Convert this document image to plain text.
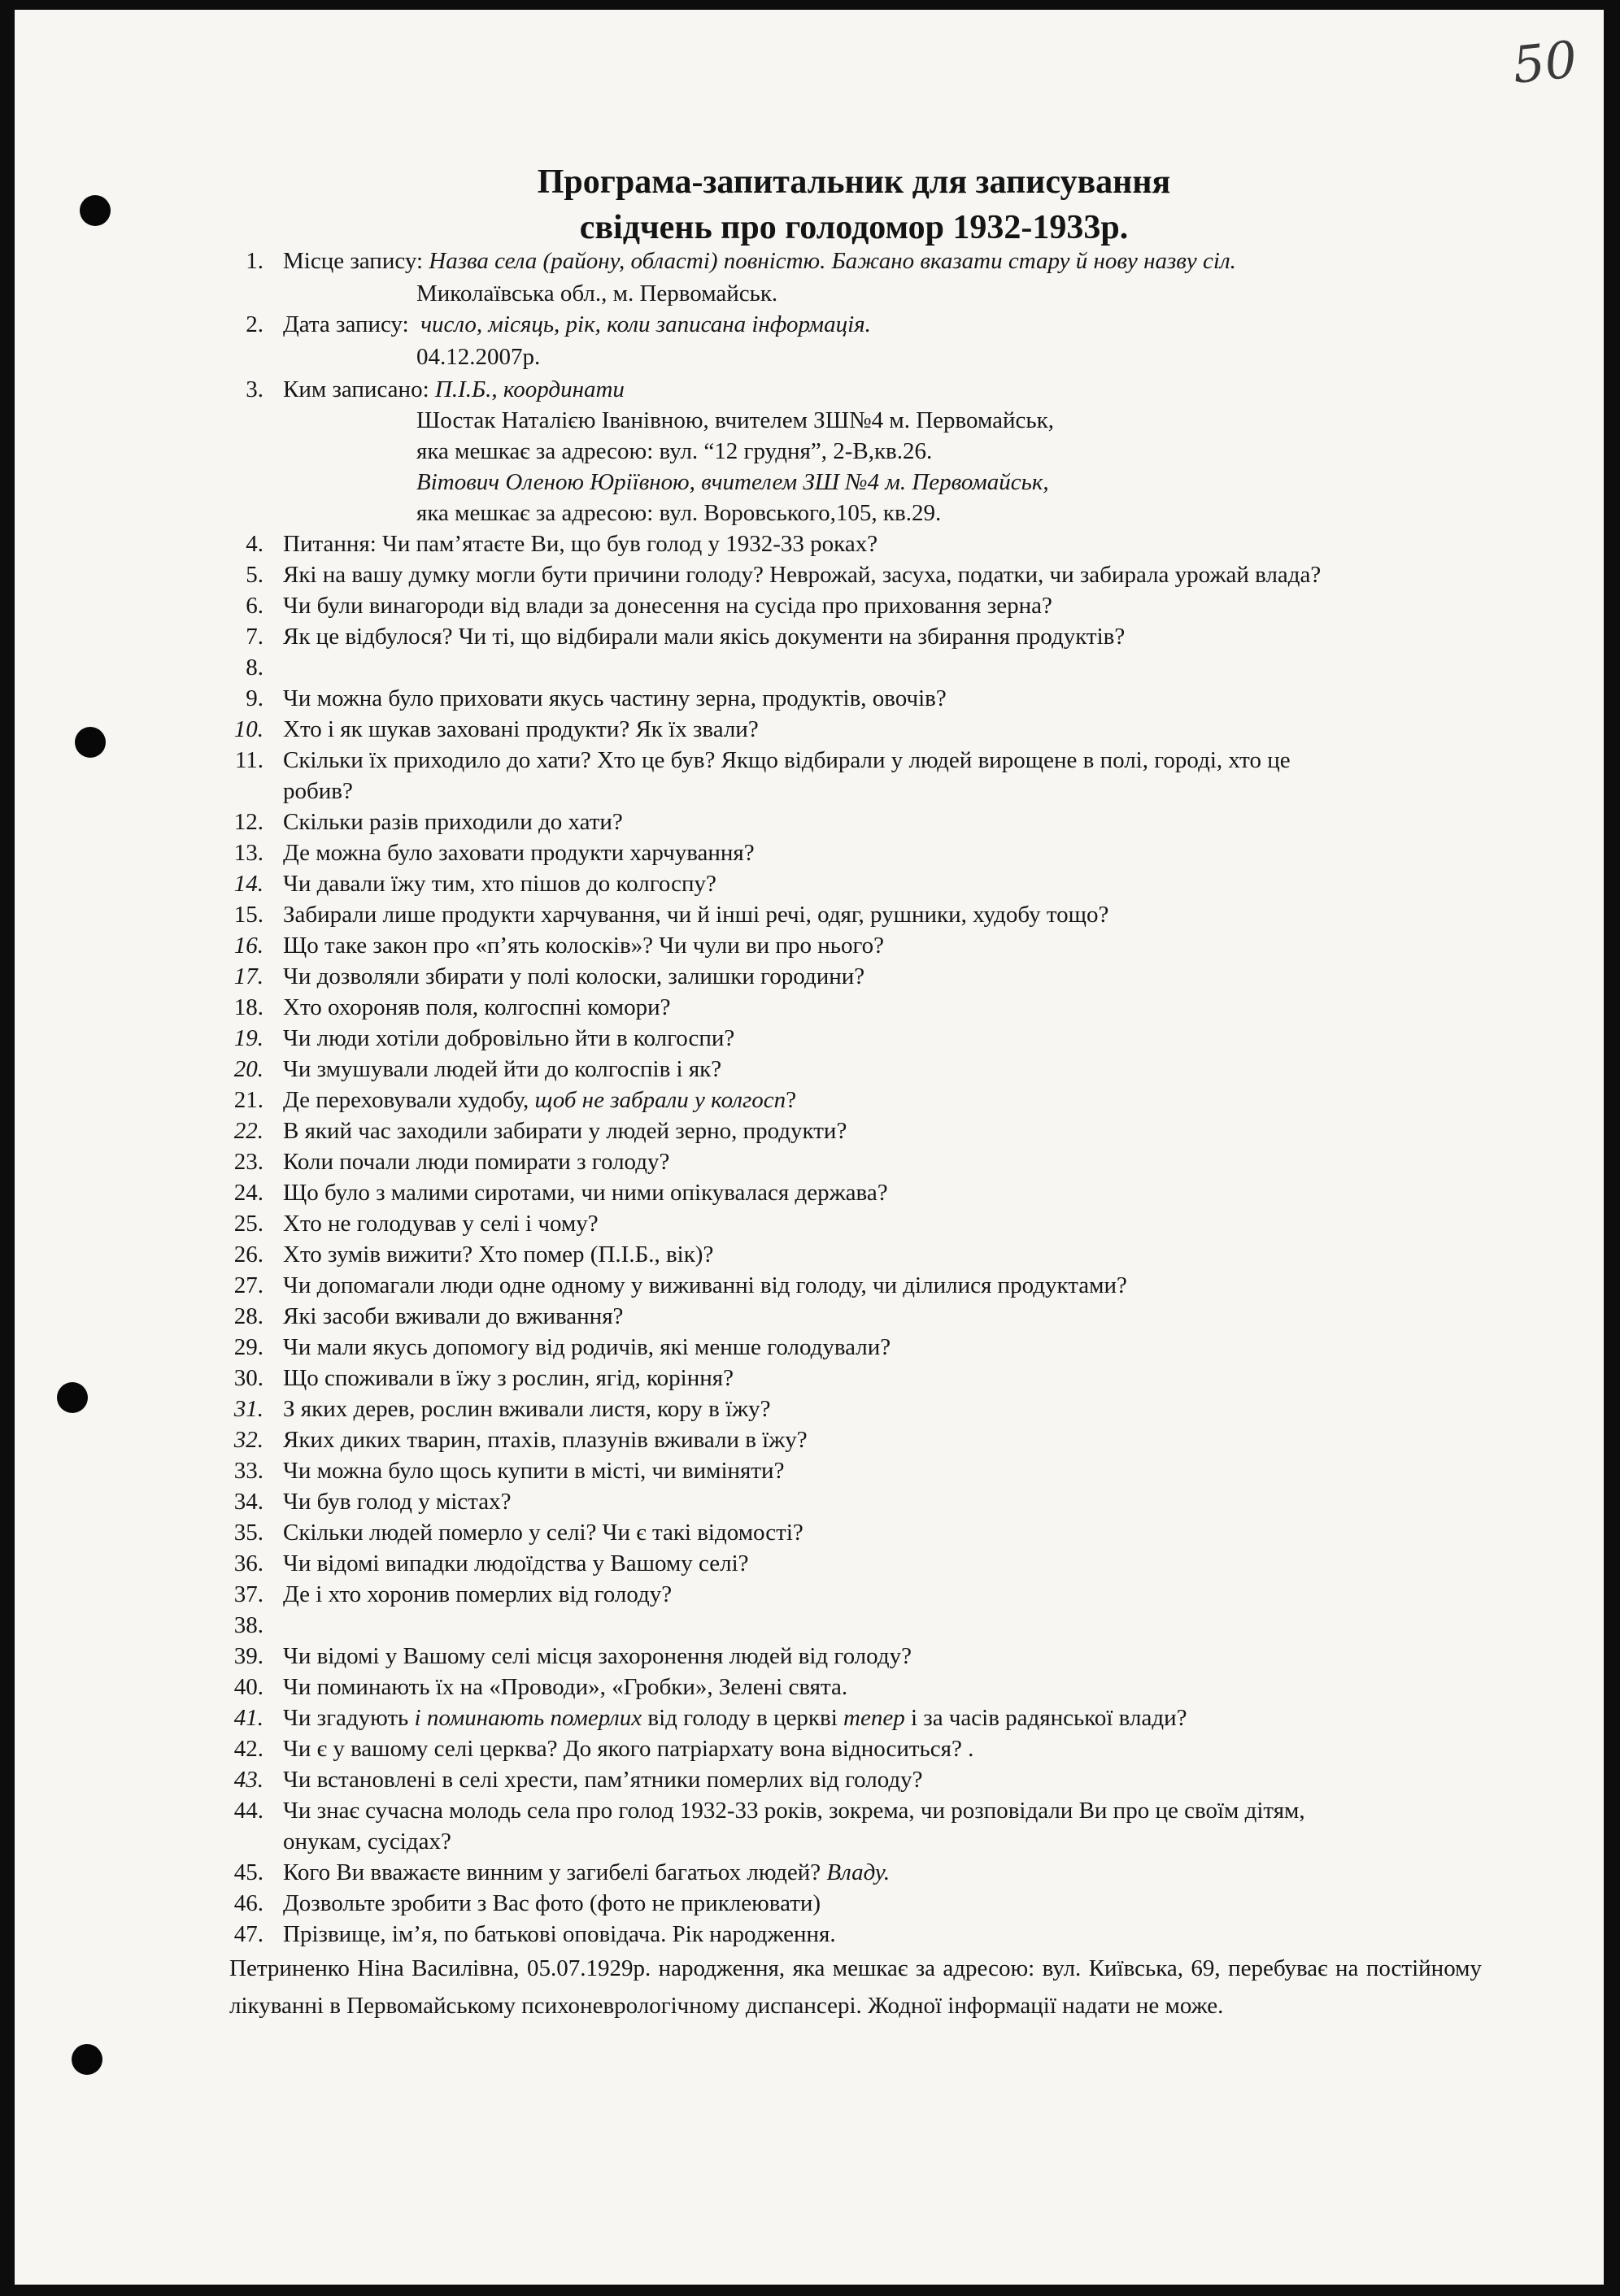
50
Програма-запитальник для записування
свідчень про голодомор 1932-1933р.
1. Місце запису: Назва села (району, області) повністю. Бажано вказати стару й нову назву сіл.
Миколаївська обл., м. Первомайськ.
2. Дата запису: число, місяць, рік, коли записана інформація.
04.12.2007р.
3. Ким записано: П.І.Б., координати
Шостак Наталією Іванівною, вчителем ЗШ№4 м. Первомайськ,
яка мешкає за адресою: вул. “12 грудня”, 2-В,кв.26.
Вітович Оленою Юріївною, вчителем ЗШ №4 м. Первомайськ,
яка мешкає за адресою: вул. Воровського,105, кв.29.
4. Питання: Чи пам’ятаєте Ви, що був голод у 1932-33 роках?
5. Які на вашу думку могли бути причини голоду? Неврожай, засуха, податки, чи забирала урожай влада?
6. Чи були винагороди від влади за донесення на сусіда про приховання зерна?
7. Як це відбулося? Чи ті, що відбирали мали якісь документи на збирання продуктів?
8.
9. Чи можна було приховати якусь частину зерна, продуктів, овочів?
10. Хто і як шукав заховані продукти? Як їх звали?
11. Скільки їх приходило до хати? Хто це був? Якщо відбирали у людей вирощене в полі, городі, хто це
робив?
12. Скільки разів приходили до хати?
13. Де можна було заховати продукти харчування?
14. Чи давали їжу тим, хто пішов до колгоспу?
15. Забирали лише продукти харчування, чи й інші речі, одяг, рушники, худобу тощо?
16. Що таке закон про «п’ять колосків»? Чи чули ви про нього?
17. Чи дозволяли збирати у полі колоски, залишки городини?
18. Хто охороняв поля, колгоспні комори?
19. Чи люди хотіли добровільно йти в колгоспи?
20. Чи змушували людей йти до колгоспів і як?
21. Де переховували худобу, щоб не забрали у колгосп?
22. В який час заходили забирати у людей зерно, продукти?
23. Коли почали люди помирати з голоду?
24. Що було з малими сиротами, чи ними опікувалася держава?
25. Хто не голодував у селі і чому?
26. Хто зумів вижити? Хто помер (П.І.Б., вік)?
27. Чи допомагали люди одне одному у виживанні від голоду, чи ділилися продуктами?
28. Які засоби вживали до вживання?
29. Чи мали якусь допомогу від родичів, які менше голодували?
30. Що споживали в їжу з рослин, ягід, коріння?
31. З яких дерев, рослин вживали листя, кору в їжу?
32. Яких диких тварин, птахів, плазунів вживали в їжу?
33. Чи можна було щось купити в місті, чи виміняти?
34. Чи був голод у містах?
35. Скільки людей померло у селі? Чи є такі відомості?
36. Чи відомі випадки людоїдства у Вашому селі?
37. Де і хто хоронив померлих від голоду?
38.
39. Чи відомі у Вашому селі місця захоронення людей від голоду?
40. Чи поминають їх на «Проводи», «Гробки», Зелені свята.
41. Чи згадують і поминають померлих від голоду в церкві тепер і за часів радянської влади?
42. Чи є у вашому селі церква? До якого патріархату вона відноситься? .
43. Чи встановлені в селі хрести, пам’ятники померлих від голоду?
44. Чи знає сучасна молодь села про голод 1932-33 років, зокрема, чи розповідали Ви про це своїм дітям,
онукам, сусідах?
45. Кого Ви вважаєте винним у загибелі багатьох людей? Владу.
46. Дозвольте зробити з Вас фото (фото не приклеювати)
47. Прізвище, ім’я, по батькові оповідача. Рік народження.
Петриненко Ніна Василівна, 05.07.1929р. народження, яка мешкає за адресою: вул. Київська, 69, перебуває на постійному лікуванні в Первомайському психоневрологічному диспансері. Жодної інформації надати не може.
